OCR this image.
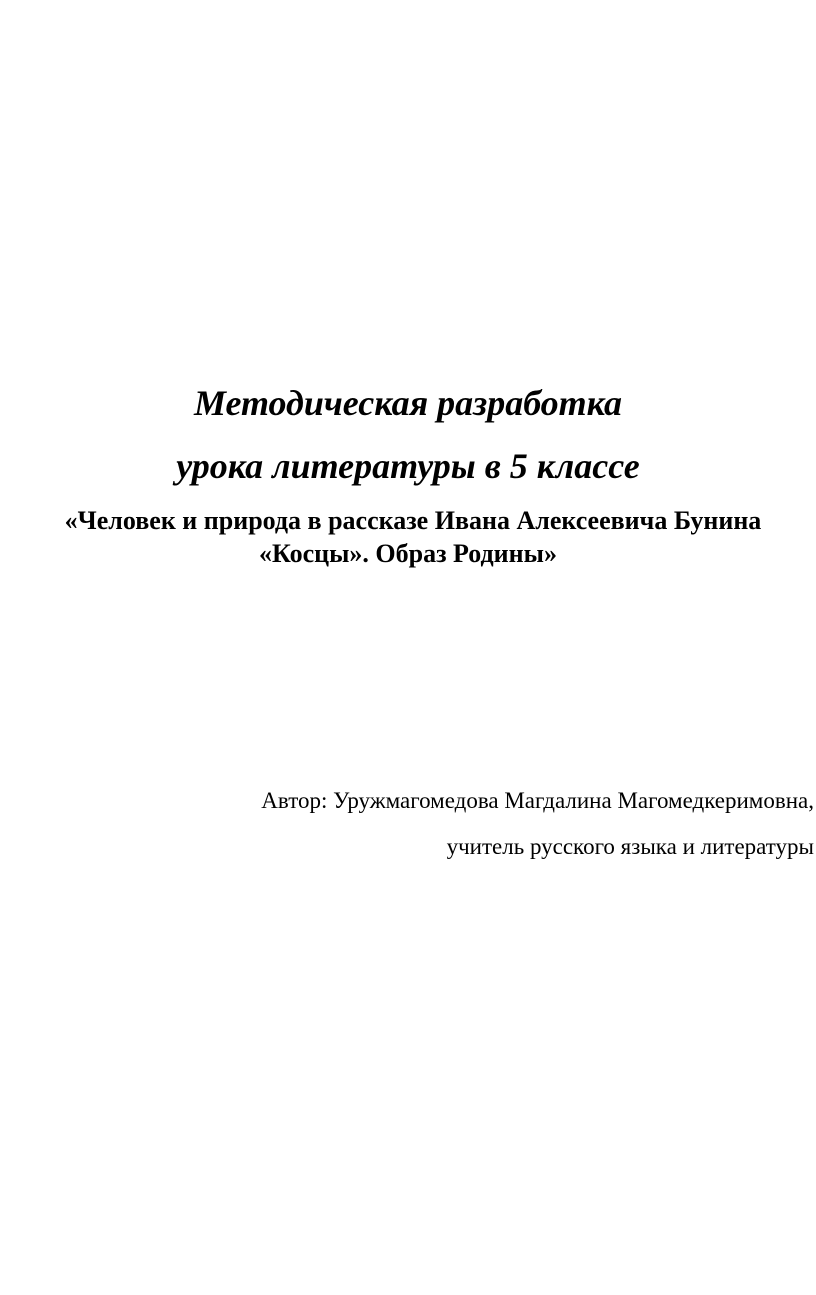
Методическая разработка
урока литературы в 5 классе
«Человек и природа в рассказе Ивана Алексеевича Бунина
«Косцы». Образ Родины»
Автор: Уружмагомедова Магдалина Магомедкеримовна,
учитель русского языка и литературы
